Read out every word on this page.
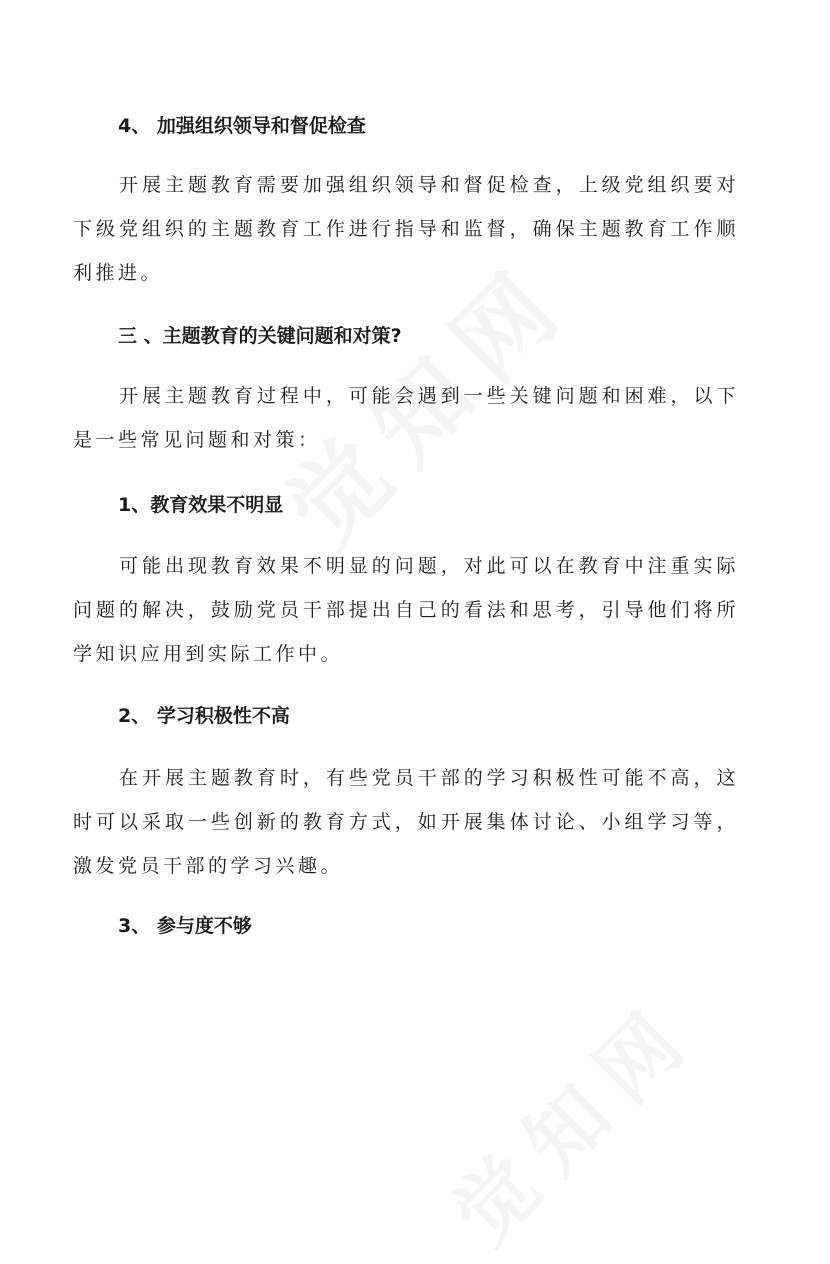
4、 加强组织领导和督促检查
开展主题教育需要加强组织领导和督促检查，上级党组织要对下级党组织的主题教育工作进行指导和监督，确保主题教育工作顺利推进。
三 、主题教育的关键问题和对策?
开展主题教育过程中，可能会遇到一些关键问题和困难，以下是一些常见问题和对策：
1、教育效果不明显
可能出现教育效果不明显的问题，对此可以在教育中注重实际问题的解决，鼓励党员干部提出自己的看法和思考，引导他们将所学知识应用到实际工作中。
2、 学习积极性不高
在开展主题教育时，有些党员干部的学习积极性可能不高，这时可以采取一些创新的教育方式，如开展集体讨论、小组学习等，激发党员干部的学习兴趣。
3、 参与度不够
